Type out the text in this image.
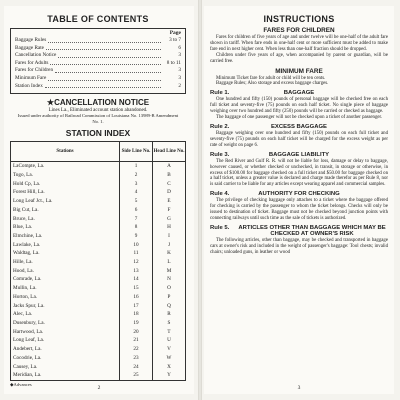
TABLE OF CONTENTS
Page
Baggage Rules	3 to 7
Baggage Rate	6
Cancellation Notice	3
Fares for Adults	8 to 11
Fares for Children	3
Minimum Fare	3
Station Index	2
★CANCELLATION NOTICE
Lines La., Eliminated account station abandoned.
Issued under authority of Railroad Commission of Louisiana No. 13989-B Amendment No. 1.
STATION INDEX
Stations	Side Line No.	Head Line No.
LaCompte, La.	1	A
Togo, La.	2	B
Hold Cp, La.	3	C
Forest Hill, La.	4	D
Long Leaf Jct., La.	5	E
Big Cut, La.	6	F
Bruce, La.	7	G
Blue, La.	8	H
Elmchine, La.	9	I
Lawlake, La.	10	J
Waldtag, La.	11	K
Hille, La.	12	L
Hood, La.	13	M
Comrade, La.	14	N
Mullin, La.	15	O
Horton, La.	16	P
Jacks Spur, La.	17	Q
Alec, La.	18	R
Dusenbury, La.	19	S
Hartwood, La.	20	T
Long Leaf, La.	21	U
Andebert, La.	22	V
Cocodrie, La.	23	W
Causey, La.	24	X
Meridian, La.	25	Y
◆Advances
2
INSTRUCTIONS
FARES FOR CHILDREN
Fares for children of five years of age and under twelve will be one-half of the adult fare shown in tariff. When fare ends in one-half cent or more sufficient must be added to make fare end in next higher cent. When less than one-half fraction should be dropped.
Children under five years of age, when accompanied by parent or guardian, will be carried free.
MINIMUM FARE
Minimum Ticket fare for adult or child will be ten cents.
Baggage Rules; Also storage and excess baggage charges.
Rule 1.	BAGGAGE
One hundred and fifty (150) pounds of personal baggage will be checked free on each full ticket and seventy-five (75) pounds on each half ticket. No single piece of baggage weighing over two hundred and fifty (250) pounds will be carried or checked as baggage.
The baggage of one passenger will not be checked upon a ticket of another passenger.
Rule 2.	EXCESS BAGGAGE
Baggage weighing over one hundred and fifty (150) pounds on each full ticket and seventy-five (75) pounds on each half ticket will be charged for the excess weight as per rate of weight on page 6.
Rule 3.	BAGGAGE LIABILITY
The Red River and Gulf R. R. will not be liable for loss, damage or delay to baggage, however caused, or whether checked or unchecked, in transit, in storage or otherwise, in excess of $100.00 for baggage checked on a full ticket and $50.00 for baggage checked on a half ticket, unless a greater value is declared and charge made therefor as per Rule 8, nor is said carrier to be liable for any articles except wearing apparel and commercial samples.
Rule 4.	AUTHORITY FOR CHECKING
The privilege of checking baggage only attaches to a ticket where the baggage offered for checking is carried by the passenger to whom the ticket belongs. Checks will only be issued to destination of ticket. Baggage must not be checked beyond junction points with connecting railways until such time as the sale of tickets is authorized.
Rule 5.	ARTICLES OTHER THAN BAGGAGE WHICH MAY BE CHECKED AT OWNER'S RISK
The following articles, other than baggage, may be checked and transported in baggage cars at owner's risk and included in the weight of passenger's baggage: Tool chests; invalid chairs; unloaded guns, in leather or wood
3
